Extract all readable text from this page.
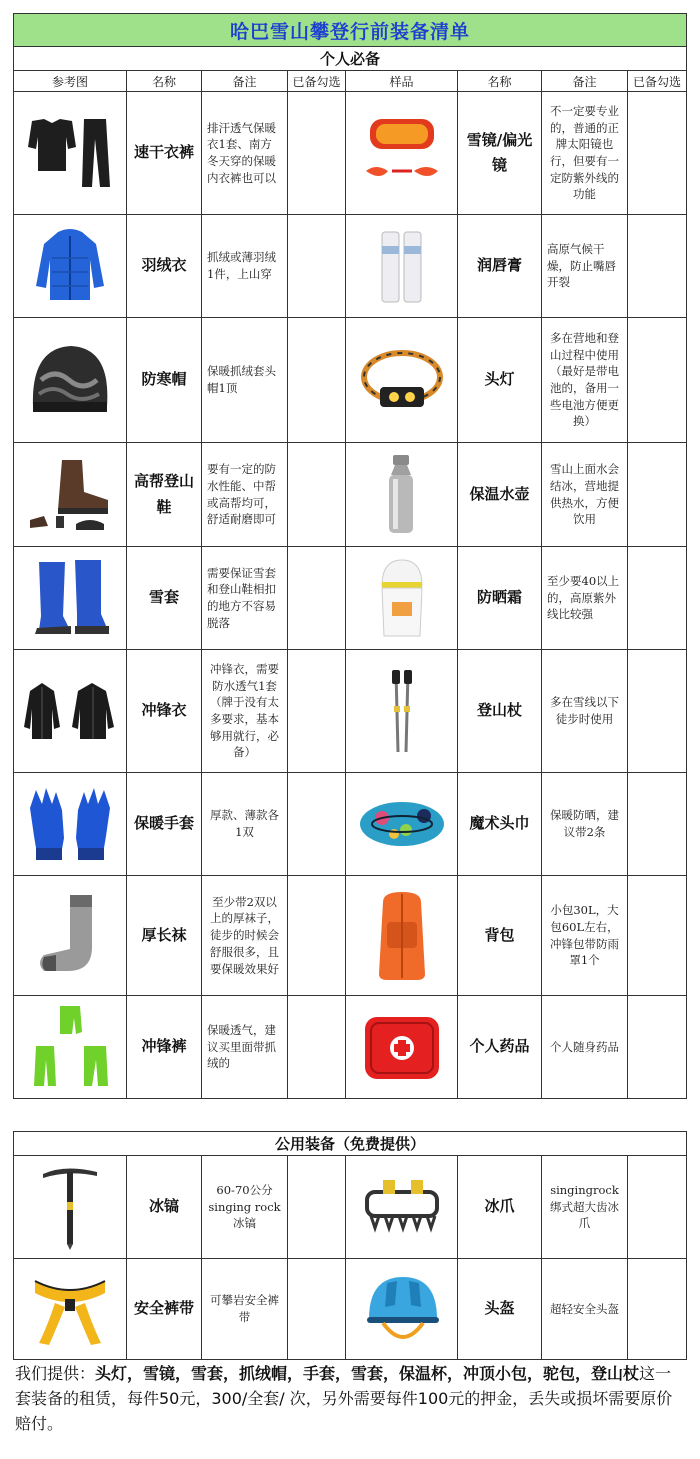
哈巴雪山攀登行前装备清单							
个人必备							
参考图	名称	备注	已备勾选	样品	名称	备注	已备勾选

	速干衣裤	排汗透气保暖衣1套、南方冬天穿的保暖内衣裤也可以			雪镜/偏光镜	不一定要专业的，普通的正牌太阳镜也行，但要有一定防紫外线的功能	

	羽绒衣	抓绒或薄羽绒1件，上山穿			润唇膏	高原气候干燥，防止嘴唇开裂	

	防寒帽	保暖抓绒套头帽1顶			头灯	多在营地和登山过程中使用（最好是带电池的，备用一些电池方便更换）	

	高帮登山鞋	要有一定的防水性能、中帮或高帮均可，舒适耐磨即可			保温水壶	雪山上面水会结冰，营地提供热水，方便饮用	

	雪套	需要保证雪套和登山鞋相扣的地方不容易脱落			防晒霜	至少要40以上的，高原紫外线比较强	

	冲锋衣	冲锋衣，需要防水透气1套（牌于没有太多要求，基本够用就行，必备）			登山杖	多在雪线以下徒步时使用	

	保暖手套	厚款、薄款各1双			魔术头巾	保暖防晒，建议带2条	

	厚长袜	至少带2双以上的厚袜子，徒步的时候会舒服很多，且要保暖效果好			背包	小包30L，大包60L左右，冲锋包带防雨罩1个	

	冲锋裤	保暖透气，建议买里面带抓绒的			个人药品	个人随身药品	
公用装备（免费提供）							

	冰镐	60-70公分singing rock冰镐			冰爪	singingrock绑式超大齿冰爪	

	安全裤带	可攀岩安全裤带			头盔	超轻安全头盔	
我们提供：头灯，雪镜，雪套，抓绒帽，手套，雪套，保温杯，冲顶小包，驼包，登山杖这一套装备的租赁，每件50元，300/全套/ 次，另外需要每件100元的押金，丢失或损坏需要原价赔付。
